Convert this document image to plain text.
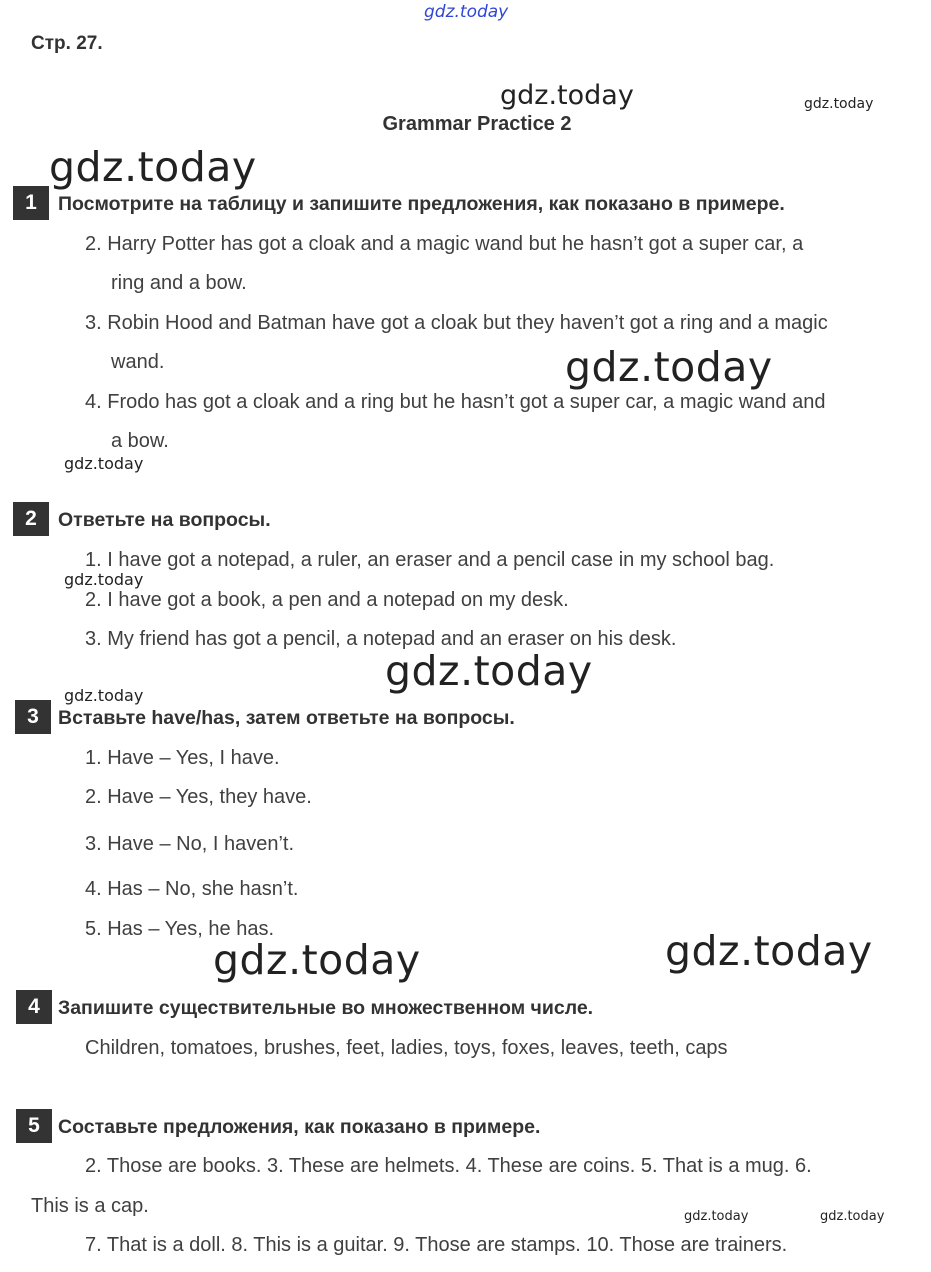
gdz.today
gdz.today	gdz.today
gdz.today
gdz.today
gdz.today
gdz.today
gdz.today
gdz.today
gdz.today	gdz.today
gdz.today	gdz.today
Стр. 27.
Grammar Practice 2
1	Посмотрите на таблицу и запишите предложения, как показано в примере.
2. Harry Potter has got a cloak and a magic wand but he hasn’t got a super car, a
ring and a bow.
3. Robin Hood and Batman have got a cloak but they haven’t got a ring and a magic
wand.
4. Frodo has got a cloak and a ring but he hasn’t got a super car, a magic wand and
a bow.
2	Ответьте на вопросы.
1. I have got a notepad, a ruler, an eraser and a pencil case in my school bag.
2. I have got a book, a pen and a notepad on my desk.
3. My friend has got a pencil, a notepad and an eraser on his desk.
3 Вставьте have/has, затем ответьте на вопросы.
1. Have – Yes, I have.
2. Have – Yes, they have.
3. Have – No, I haven’t.
4. Has – No, she hasn’t.
5. Has – Yes, he has.
4 Запишите существительные во множественном числе.
Children, tomatoes, brushes, feet, ladies, toys, foxes, leaves, teeth, caps
5 Составьте предложения, как показано в примере.
2. Those are books. 3. These are helmets. 4. These are coins. 5. That is a mug. 6.
This is a cap.
7. That is a doll. 8. This is a guitar. 9. Those are stamps. 10. Those are trainers.
